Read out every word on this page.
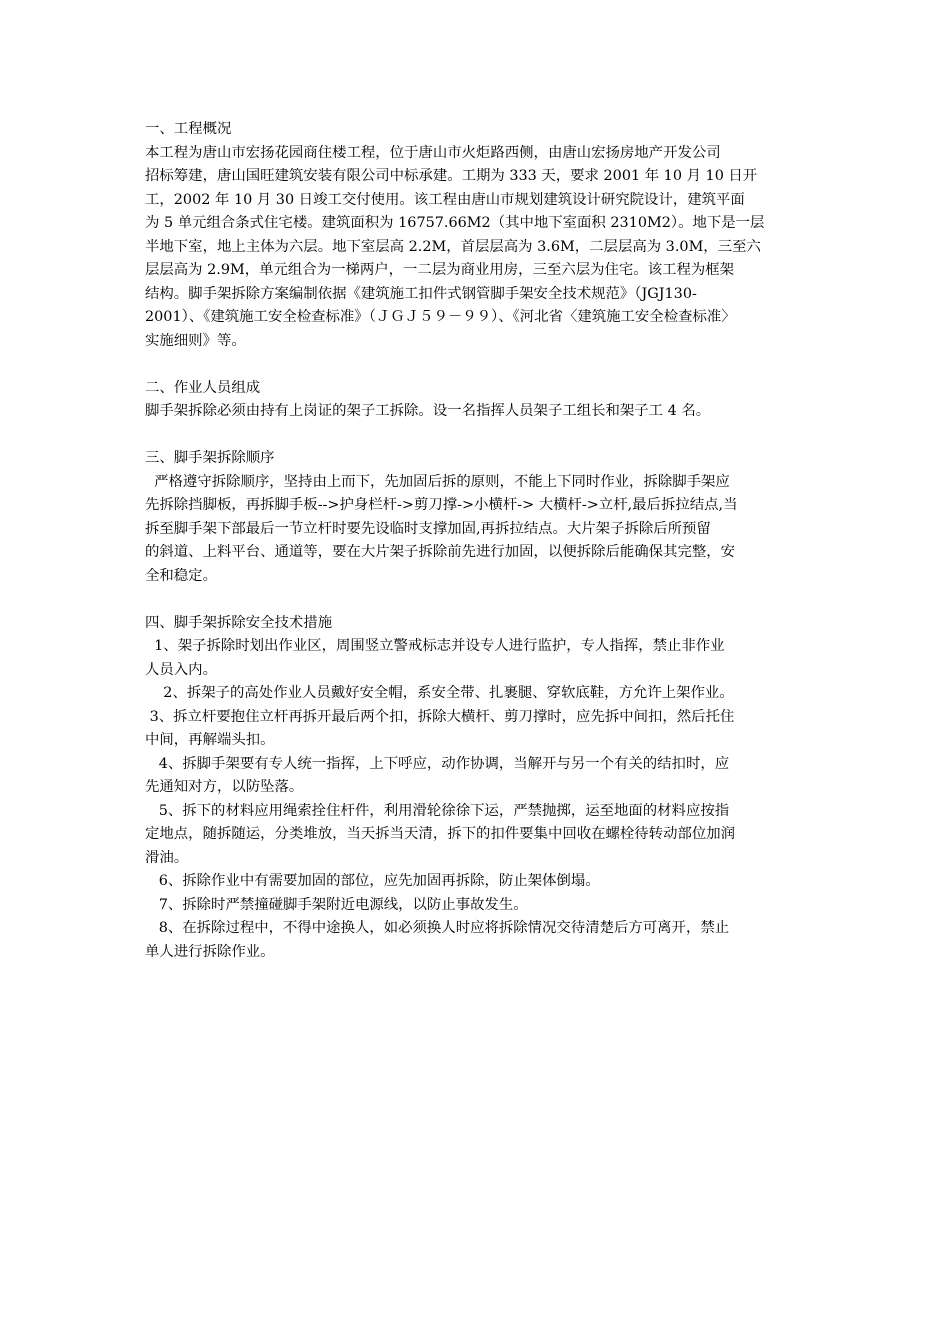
一、工程概况
本工程为唐山市宏扬花园商住楼工程，位于唐山市火炬路西侧，由唐山宏扬房地产开发公司
招标筹建，唐山国旺建筑安装有限公司中标承建。工期为 333 天，要求 2001 年 10 月 10 日开
工，2002 年 10 月 30 日竣工交付使用。该工程由唐山市规划建筑设计研究院设计，建筑平面
为 5 单元组合条式住宅楼。建筑面积为 16757.66M2（其中地下室面积 2310M2）。地下是一层
半地下室，地上主体为六层。地下室层高 2.2M，首层层高为 3.6M，二层层高为 3.0M，三至六
层层高为 2.9M，单元组合为一梯两户，一二层为商业用房，三至六层为住宅。该工程为框架
结构。脚手架拆除方案编制依据《建筑施工扣件式钢管脚手架安全技术规范》（JGJ130-
2001）、《建筑施工安全检查标准》（ＪＧＪ５９－９９）、《河北省〈建筑施工安全检查标准〉
实施细则》等。
二、作业人员组成
脚手架拆除必须由持有上岗证的架子工拆除。设一名指挥人员架子工组长和架子工 4 名。
三、脚手架拆除顺序
严格遵守拆除顺序，坚持由上而下，先加固后拆的原则，不能上下同时作业，拆除脚手架应
先拆除挡脚板，再拆脚手板-->护身栏杆->剪刀撑->小横杆-> 大横杆->立杆,最后拆拉结点,当
拆至脚手架下部最后一节立杆时要先设临时支撑加固,再拆拉结点。大片架子拆除后所预留
的斜道、上料平台、通道等，要在大片架子拆除前先进行加固，以便拆除后能确保其完整，安
全和稳定。
四、脚手架拆除安全技术措施
1、架子拆除时划出作业区，周围竖立警戒标志并设专人进行监护，专人指挥，禁止非作业
人员入内。
2、拆架子的高处作业人员戴好安全帽，系安全带、扎裹腿、穿软底鞋，方允许上架作业。
3、拆立杆要抱住立杆再拆开最后两个扣，拆除大横杆、剪刀撑时，应先拆中间扣，然后托住
中间，再解端头扣。
4、拆脚手架要有专人统一指挥，上下呼应，动作协调，当解开与另一个有关的结扣时，应
先通知对方，以防坠落。
5、拆下的材料应用绳索拴住杆件，利用滑轮徐徐下运，严禁抛掷，运至地面的材料应按指
定地点，随拆随运，分类堆放，当天拆当天清，拆下的扣件要集中回收在螺栓待转动部位加润
滑油。
6、拆除作业中有需要加固的部位，应先加固再拆除，防止架体倒塌。
7、拆除时严禁撞碰脚手架附近电源线，以防止事故发生。
8、在拆除过程中，不得中途换人，如必须换人时应将拆除情况交待清楚后方可离开，禁止
单人进行拆除作业。
